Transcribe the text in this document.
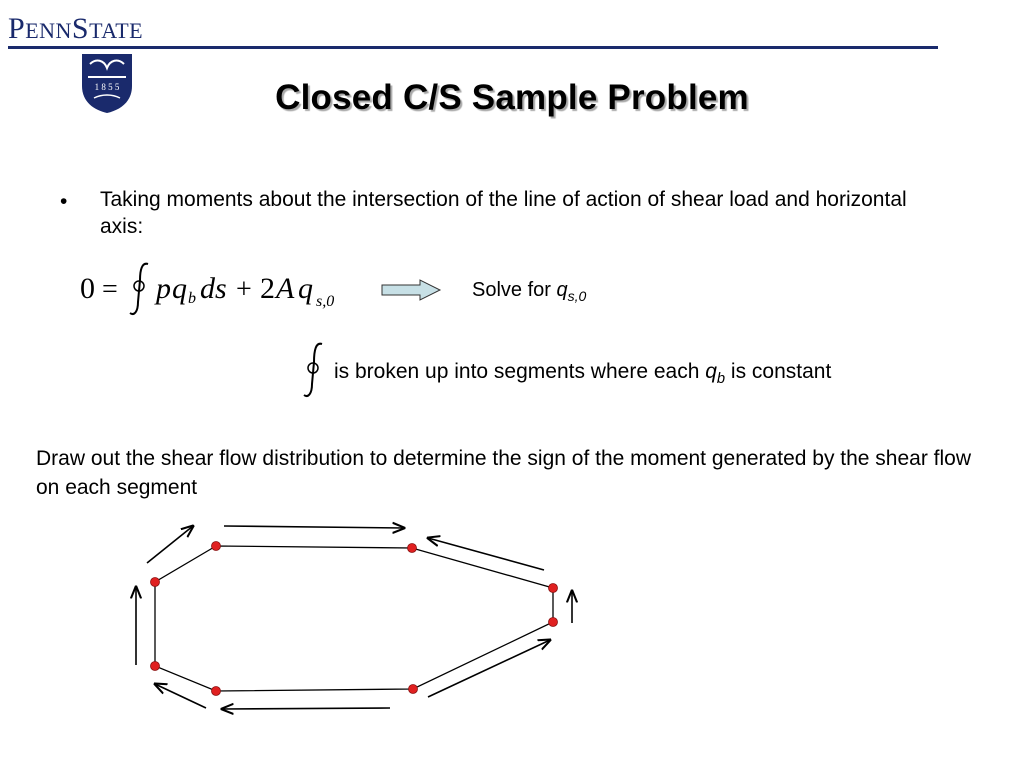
PENNSTATE
1 8 5 5	Closed C/S Sample Problem
• Taking moments about the intersection of the line of action of shear load and horizontal axis:
0 = p q b ds + 2 A q s,0
Solve for $q_{s,0}$
is broken up into segments where each $q_b$ is constant
Draw out the shear flow distribution to determine the sign of the moment generated by the shear flow on each segment
